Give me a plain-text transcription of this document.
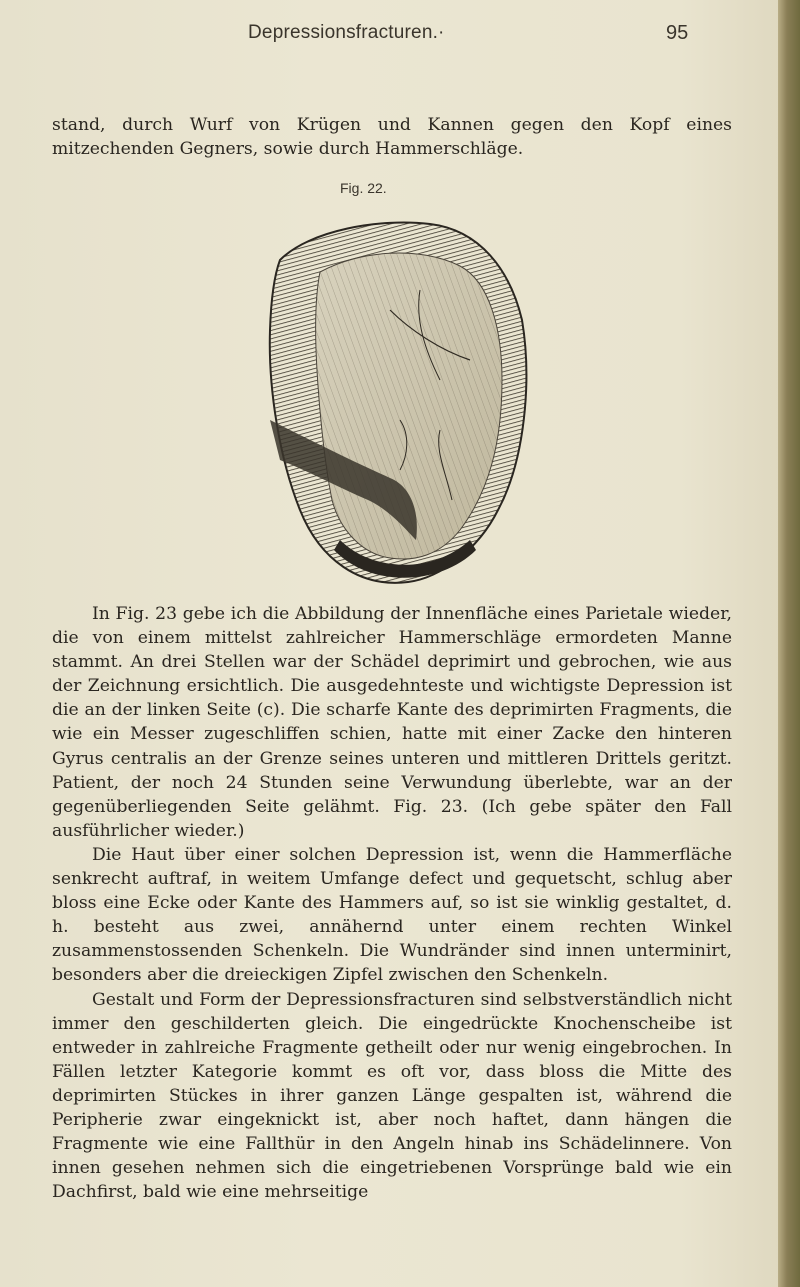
Depressionsfracturen.·	95

stand, durch Wurf von Krügen und Kannen gegen den Kopf eines mitzechenden Gegners, sowie durch Hammerschläge.

Fig. 22.

In Fig. 23 gebe ich die Abbildung der Innenfläche eines Parietale wieder, die von einem mittelst zahlreicher Hammerschläge ermordeten Manne stammt. An drei Stellen war der Schädel deprimirt und gebrochen, wie aus der Zeichnung ersichtlich. Die ausgedehnteste und wichtigste Depression ist die an der linken Seite (c). Die scharfe Kante des deprimirten Fragments, die wie ein Messer zugeschliffen schien, hatte mit einer Zacke den hinteren Gyrus centralis an der Grenze seines unteren und mittleren Drittels geritzt. Patient, der noch 24 Stunden seine Verwundung überlebte, war an der gegenüberliegenden Seite gelähmt. Fig. 23. (Ich gebe später den Fall ausführlicher wieder.)

Die Haut über einer solchen Depression ist, wenn die Hammerfläche senkrecht auftraf, in weitem Umfange defect und gequetscht, schlug aber bloss eine Ecke oder Kante des Hammers auf, so ist sie winklig gestaltet, d. h. besteht aus zwei, annähernd unter einem rechten Winkel zusammenstossenden Schenkeln. Die Wundränder sind innen unterminirt, besonders aber die dreieckigen Zipfel zwischen den Schenkeln.

Gestalt und Form der Depressionsfracturen sind selbstverständlich nicht immer den geschilderten gleich. Die eingedrückte Knochenscheibe ist entweder in zahlreiche Fragmente getheilt oder nur wenig eingebrochen. In Fällen letzter Kategorie kommt es oft vor, dass bloss die Mitte des deprimirten Stückes in ihrer ganzen Länge gespalten ist, während die Peripherie zwar eingeknickt ist, aber noch haftet, dann hängen die Fragmente wie eine Fallthür in den Angeln hinab ins Schädelinnere. Von innen gesehen nehmen sich die eingetriebenen Vorsprünge bald wie ein Dachfirst, bald wie eine mehrseitige
